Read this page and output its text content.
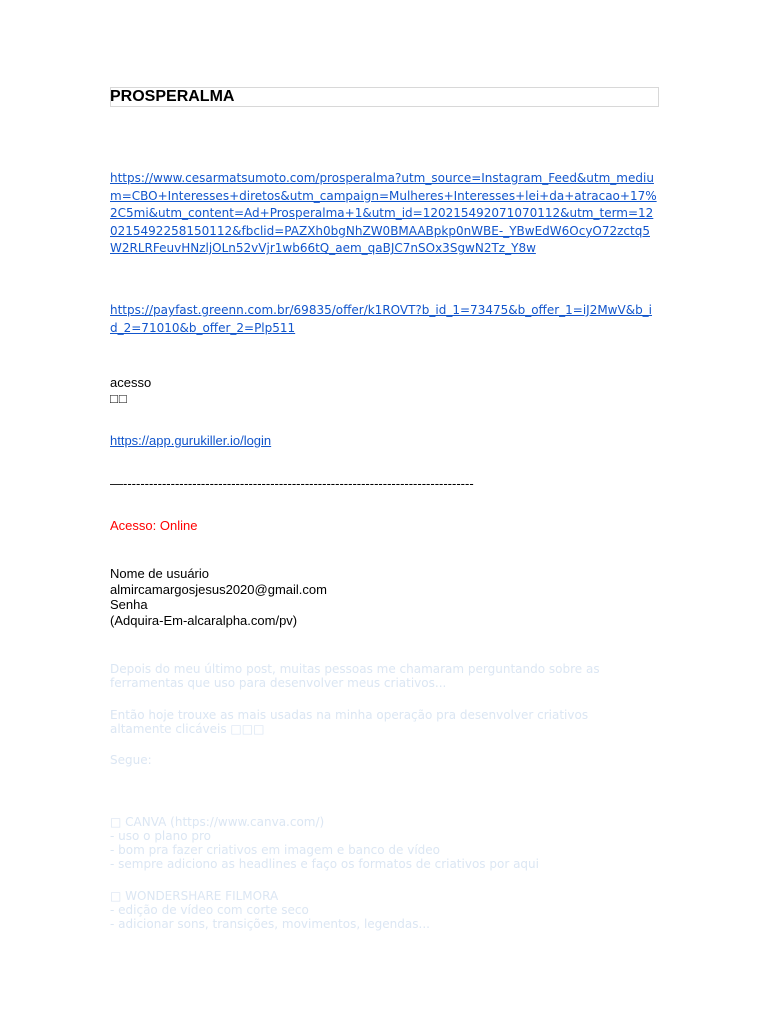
PROSPERALMA
https://www.cesarmatsumoto.com/prosperalma?utm_source=Instagram_Feed&utm_medium=CBO+Interesses+diretos&utm_campaign=Mulheres+Interesses+lei+da+atracao+17%2C5mi&utm_content=Ad+Prosperalma+1&utm_id=120215492071070112&utm_term=120215492258150112&fbclid=PAZXh0bgNhZW0BMAABpkp0nWBE-_YBwEdW6OcyO72zctq5W2RLRFeuvHNzljOLn52vVjr1wb66tQ_aem_qaBJC7nSOx3SgwN2Tz_Y8w
https://payfast.greenn.com.br/69835/offer/k1ROVT?b_id_1=73475&b_offer_1=iJ2MwV&b_id_2=71010&b_offer_2=Plp511
acesso
□□
https://app.gurukiller.io/login
—---------------------------------------------------------------------------------
Acesso: Online
Nome de usuário
almircamargosjesus2020@gmail.com
Senha
(Adquira-Em-alcaralpha.com/pv)
Depois do meu último post, muitas pessoas me chamaram perguntando sobre as
ferramentas que uso para desenvolver meus criativos...
Então hoje trouxe as mais usadas na minha operação pra desenvolver criativos
altamente clicáveis □□□
Segue:
□ CANVA (https://www.canva.com/)
- uso o plano pro
- bom pra fazer criativos em imagem e banco de vídeo
- sempre adiciono as headlines e faço os formatos de criativos por aqui
□ WONDERSHARE FILMORA
- edição de vídeo com corte seco
- adicionar sons, transições, movimentos, legendas...
